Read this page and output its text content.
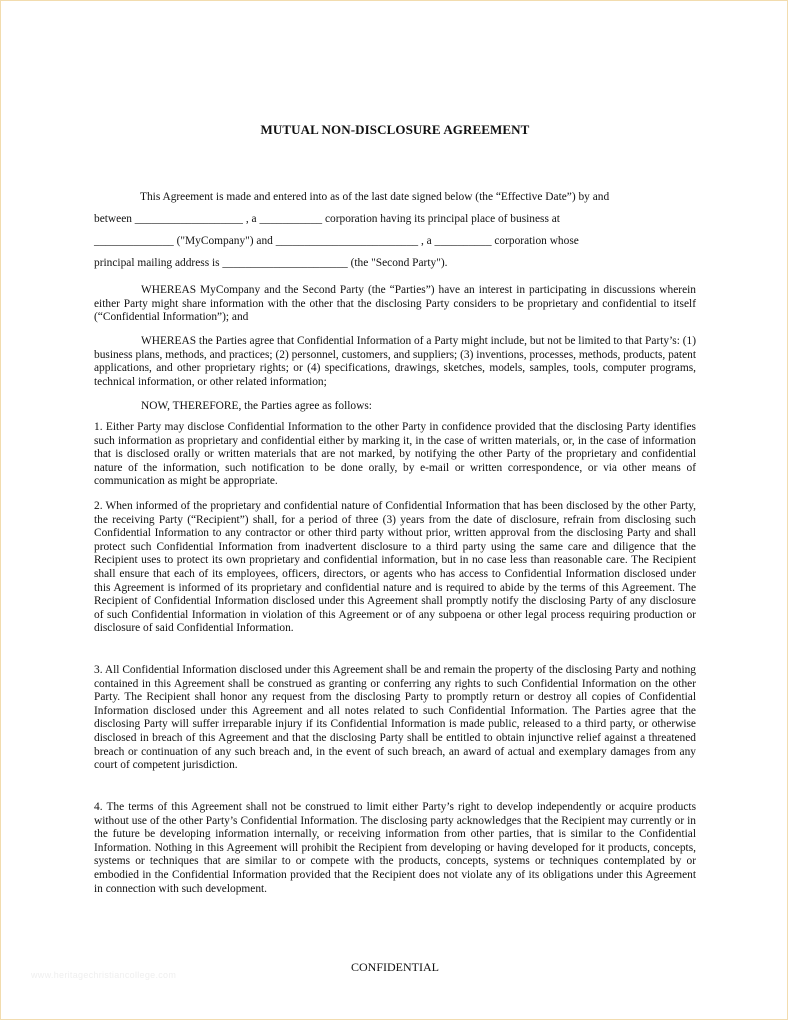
MUTUAL NON-DISCLOSURE AGREEMENT
This Agreement is made and entered into as of the last date signed below (the “Effective Date”) by and
between ___________________ , a ___________ corporation having its principal place of business at
______________ ("MyCompany") and _________________________ , a __________ corporation whose
principal mailing address is ______________________ (the "Second Party").
WHEREAS MyCompany and the Second Party (the “Parties”) have an interest in participating in discussions wherein either Party might share information with the other that the disclosing Party considers to be proprietary and confidential to itself (“Confidential Information”); and
WHEREAS the Parties agree that Confidential Information of a Party might include, but not be limited to that Party’s: (1) business plans, methods, and practices; (2) personnel, customers, and suppliers; (3) inventions, processes, methods, products, patent applications, and other proprietary rights; or (4) specifications, drawings, sketches, models, samples, tools, computer programs, technical information, or other related information;
NOW, THEREFORE, the Parties agree as follows:
1. Either Party may disclose Confidential Information to the other Party in confidence provided that the disclosing Party identifies such information as proprietary and confidential either by marking it, in the case of written materials, or, in the case of information that is disclosed orally or written materials that are not marked, by notifying the other Party of the proprietary and confidential nature of the information, such notification to be done orally, by e-mail or written correspondence, or via other means of communication as might be appropriate.
2. When informed of the proprietary and confidential nature of Confidential Information that has been disclosed by the other Party, the receiving Party (“Recipient”) shall, for a period of three (3) years from the date of disclosure, refrain from disclosing such Confidential Information to any contractor or other third party without prior, written approval from the disclosing Party and shall protect such Confidential Information from inadvertent disclosure to a third party using the same care and diligence that the Recipient uses to protect its own proprietary and confidential information, but in no case less than reasonable care. The Recipient shall ensure that each of its employees, officers, directors, or agents who has access to Confidential Information disclosed under this Agreement is informed of its proprietary and confidential nature and is required to abide by the terms of this Agreement. The Recipient of Confidential Information disclosed under this Agreement shall promptly notify the disclosing Party of any disclosure of such Confidential Information in violation of this Agreement or of any subpoena or other legal process requiring production or disclosure of said Confidential Information.
3. All Confidential Information disclosed under this Agreement shall be and remain the property of the disclosing Party and nothing contained in this Agreement shall be construed as granting or conferring any rights to such Confidential Information on the other Party. The Recipient shall honor any request from the disclosing Party to promptly return or destroy all copies of Confidential Information disclosed under this Agreement and all notes related to such Confidential Information. The Parties agree that the disclosing Party will suffer irreparable injury if its Confidential Information is made public, released to a third party, or otherwise disclosed in breach of this Agreement and that the disclosing Party shall be entitled to obtain injunctive relief against a threatened breach or continuation of any such breach and, in the event of such breach, an award of actual and exemplary damages from any court of competent jurisdiction.
4. The terms of this Agreement shall not be construed to limit either Party’s right to develop independently or acquire products without use of the other Party’s Confidential Information. The disclosing party acknowledges that the Recipient may currently or in the future be developing information internally, or receiving information from other parties, that is similar to the Confidential Information. Nothing in this Agreement will prohibit the Recipient from developing or having developed for it products, concepts, systems or techniques that are similar to or compete with the products, concepts, systems or techniques contemplated by or embodied in the Confidential Information provided that the Recipient does not violate any of its obligations under this Agreement in connection with such development.
CONFIDENTIAL
www.heritagechristiancollege.com
